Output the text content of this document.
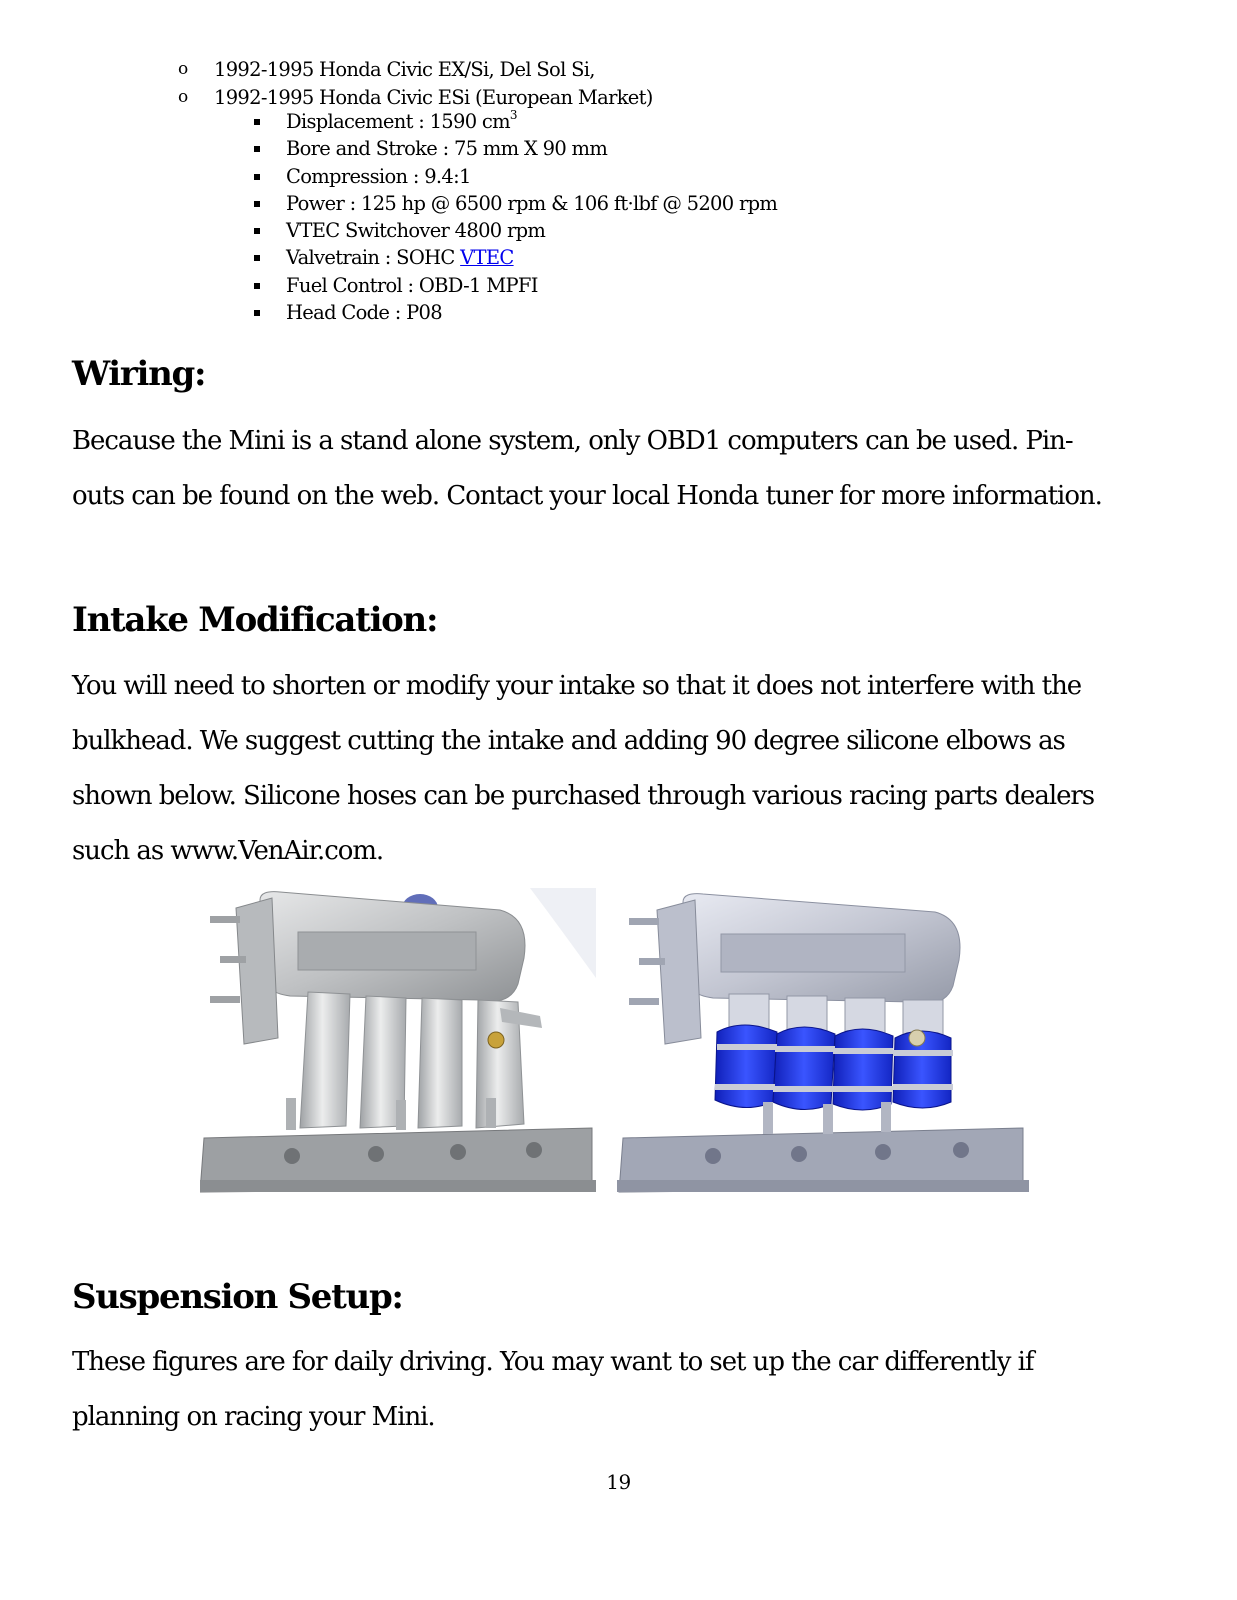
o 1992-1995 Honda Civic EX/Si, Del Sol Si,
o 1992-1995 Honda Civic ESi (European Market)
Displacement : 1590 $cm^3$
Bore and Stroke : 75 mm X 90 mm
Compression : 9.4:1
Power : 125 hp @ 6500 rpm & 106 ft·lbf @ 5200 rpm
VTEC Switchover 4800 rpm
Valvetrain : SOHC VTEC
Fuel Control : OBD-1 MPFI
Head Code : P08
Wiring:

Because the Mini is a stand alone system, only OBD1 computers can be used. Pin-
outs can be found on the web. Contact your local Honda tuner for more information.

Intake Modification:

You will need to shorten or modify your intake so that it does not interfere with the
bulkhead. We suggest cutting the intake and adding 90 degree silicone elbows as
shown below. Silicone hoses can be purchased through various racing parts dealers
such as www.VenAir.com.

Suspension Setup:

These figures are for daily driving. You may want to set up the car differently if
planning on racing your Mini.

19
